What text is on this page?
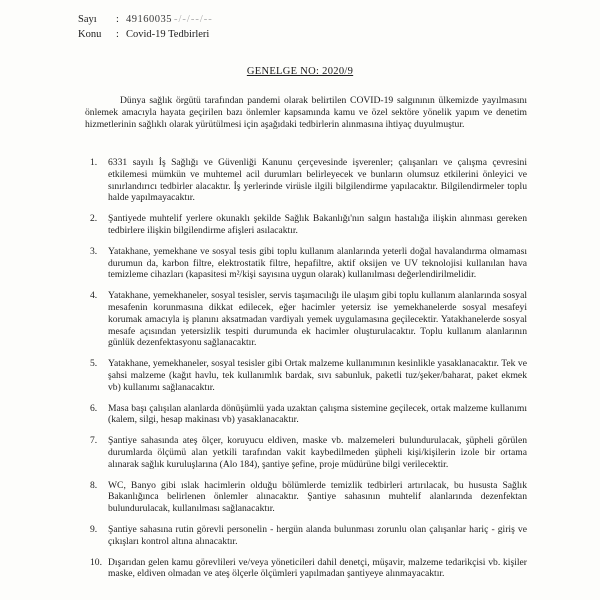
Sayı	: 49160035 -/-/--/--
Konu	: Covid-19 Tedbirleri
GENELGE NO: 2020/9

Dünya sağlık örgütü tarafından pandemi olarak belirtilen COVID-19 salgınının ülkemizde yayılmasını önlemek amacıyla hayata geçirilen bazı önlemler kapsamında kamu ve özel sektöre yönelik yapım ve denetim hizmetlerinin sağlıklı olarak yürütülmesi için aşağıdaki tedbirlerin alınmasına ihtiyaç duyulmuştur.

1.	6331 sayılı İş Sağlığı ve Güvenliği Kanunu çerçevesinde işverenler; çalışanları ve çalışma çevresini etkilemesi mümkün ve muhtemel acil durumları belirleyecek ve bunların olumsuz etkilerini önleyici ve sınırlandırıcı tedbirler alacaktır. İş yerlerinde virüsle ilgili bilgilendirme yapılacaktır. Bilgilendirmeler toplu halde yapılmayacaktır.
2.	Şantiyede muhtelif yerlere okunaklı şekilde Sağlık Bakanlığı'nın salgın hastalığa ilişkin alınması gereken tedbirlere ilişkin bilgilendirme afişleri asılacaktır.
3.	Yatakhane, yemekhane ve sosyal tesis gibi toplu kullanım alanlarında yeterli doğal havalandırma olmaması durumun da, karbon filtre, elektrostatik filtre, hepafiltre, aktif oksijen ve UV teknolojisi kullanılan hava temizleme cihazları (kapasitesi m²/kişi sayısına uygun olarak) kullanılması değerlendirilmelidir.
4.	Yatakhane, yemekhaneler, sosyal tesisler, servis taşımacılığı ile ulaşım gibi toplu kullanım alanlarında sosyal mesafenin korunmasına dikkat edilecek, eğer hacimler yetersiz ise yemekhanelerde sosyal mesafeyi korumak amacıyla iş planını aksatmadan vardiyalı yemek uygulamasına geçilecektir. Yatakhanelerde sosyal mesafe açısından yetersizlik tespiti durumunda ek hacimler oluşturulacaktır. Toplu kullanım alanlarının günlük dezenfektasyonu sağlanacaktır.
5.	Yatakhane, yemekhaneler, sosyal tesisler gibi Ortak malzeme kullanımının kesinlikle yasaklanacaktır. Tek ve şahsi malzeme (kağıt havlu, tek kullanımlık bardak, sıvı sabunluk, paketli tuz/şeker/baharat, paket ekmek vb) kullanımı sağlanacaktır.
6.	Masa başı çalışılan alanlarda dönüşümlü yada uzaktan çalışma sistemine geçilecek, ortak malzeme kullanımı (kalem, silgi, hesap makinası vb) yasaklanacaktır.
7.	Şantiye sahasında ateş ölçer, koruyucu eldiven, maske vb. malzemeleri bulundurulacak, şüpheli görülen durumlarda ölçümü alan yetkili tarafından vakit kaybedilmeden şüpheli kişi/kişilerin izole bir ortama alınarak sağlık kuruluşlarına (Alo 184), şantiye şefine, proje müdürüne bilgi verilecektir.
8.	WC, Banyo gibi ıslak hacimlerin olduğu bölümlerde temizlik tedbirleri artırılacak, bu hususta Sağlık Bakanlığınca belirlenen önlemler alınacaktır. Şantiye sahasının muhtelif alanlarında dezenfektan bulundurulacak, kullanılması sağlanacaktır.
9.	Şantiye sahasına rutin görevli personelin - hergün alanda bulunması zorunlu olan çalışanlar hariç - giriş ve çıkışları kontrol altına alınacaktır.
10. Dışarıdan gelen kamu görevlileri ve/veya yöneticileri dahil denetçi, müşavir, malzeme tedarikçisi vb. kişiler maske, eldiven olmadan ve ateş ölçerle ölçümleri yapılmadan şantiyeye alınmayacaktır.
